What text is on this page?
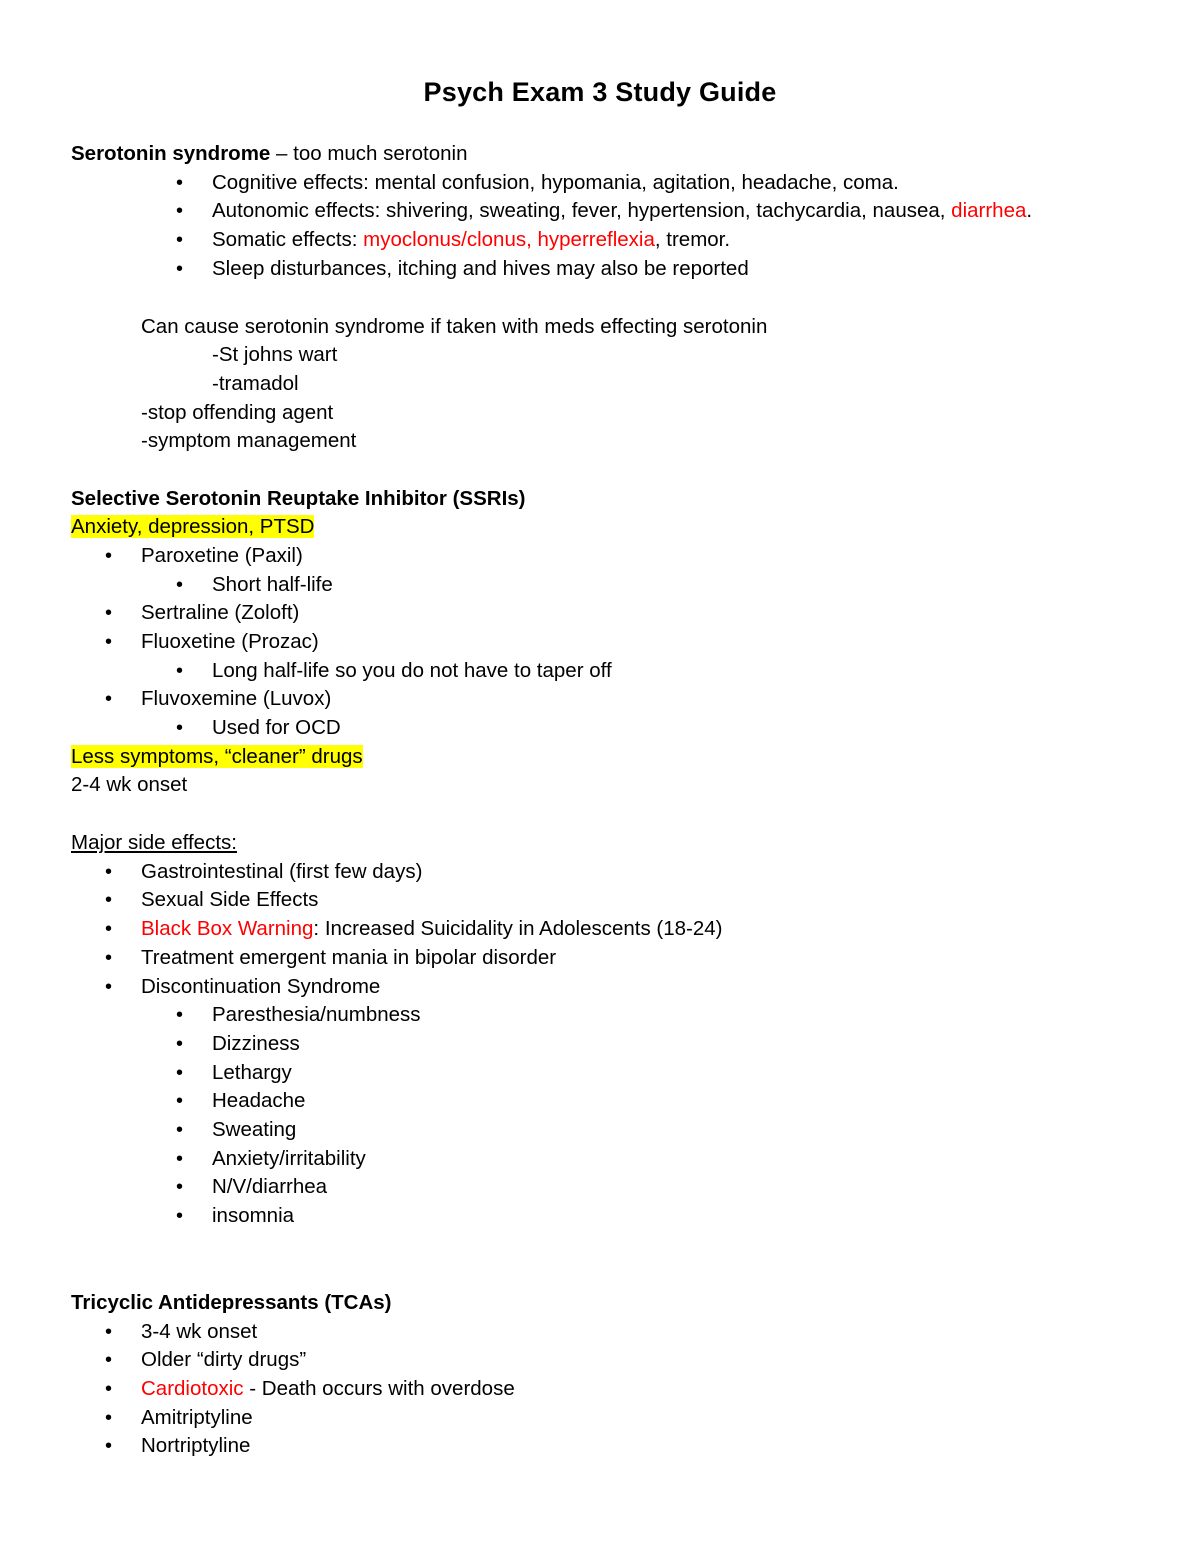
Psych Exam 3 Study Guide
Serotonin syndrome – too much serotonin
• Cognitive effects: mental confusion, hypomania, agitation, headache, coma.
• Autonomic effects: shivering, sweating, fever, hypertension, tachycardia, nausea, diarrhea.
• Somatic effects: myoclonus/clonus, hyperreflexia, tremor.
• Sleep disturbances, itching and hives may also be reported
Can cause serotonin syndrome if taken with meds effecting serotonin
-St johns wart
-tramadol
-stop offending agent
-symptom management
Selective Serotonin Reuptake Inhibitor (SSRIs)
Anxiety, depression, PTSD
• Paroxetine (Paxil)
• Short half-life
• Sertraline (Zoloft)
• Fluoxetine (Prozac)
• Long half-life so you do not have to taper off
• Fluvoxemine (Luvox)
• Used for OCD
Less symptoms, “cleaner” drugs
2-4 wk onset
Major side effects:
• Gastrointestinal (first few days)
• Sexual Side Effects
• Black Box Warning: Increased Suicidality in Adolescents (18-24)
• Treatment emergent mania in bipolar disorder
• Discontinuation Syndrome
• Paresthesia/numbness
• Dizziness
• Lethargy
• Headache
• Sweating
• Anxiety/irritability
• N/V/diarrhea
• insomnia
Tricyclic Antidepressants (TCAs)
• 3-4 wk onset
• Older “dirty drugs”
• Cardiotoxic - Death occurs with overdose
• Amitriptyline
• Nortriptyline
